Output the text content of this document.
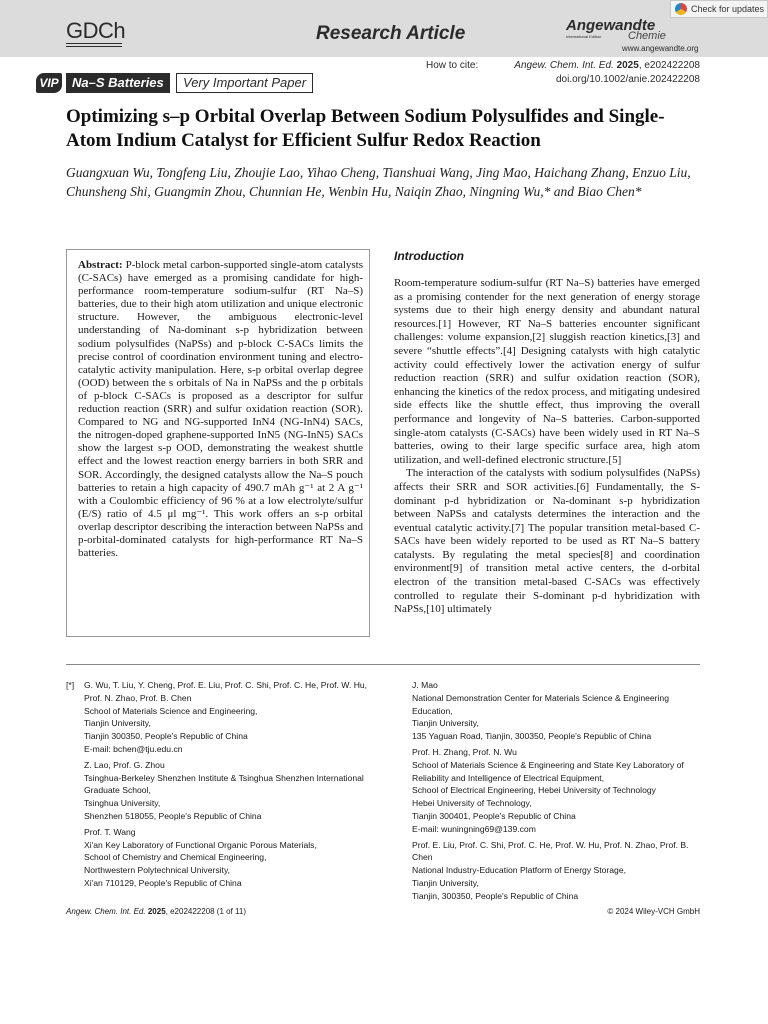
GDCh	Research Article	Angewandte
International Edition Chemie
www.angewandte.org
Check for updates
VIP	Na–S Batteries	Very Important Paper
How to cite:	Angew. Chem. Int. Ed. 2025, e202422208
doi.org/10.1002/anie.202422208
Optimizing s–p Orbital Overlap Between Sodium Polysulfides and Single-Atom Indium Catalyst for Efficient Sulfur Redox Reaction
Guangxuan Wu, Tongfeng Liu, Zhoujie Lao, Yihao Cheng, Tianshuai Wang, Jing Mao, Haichang Zhang, Enzuo Liu, Chunsheng Shi, Guangmin Zhou, Chunnian He, Wenbin Hu, Naiqin Zhao, Ningning Wu,* and Biao Chen*
Abstract: P-block metal carbon-supported single-atom catalysts (C-SACs) have emerged as a promising candidate for high-performance room-temperature sodium-sulfur (RT Na–S) batteries, due to their high atom utilization and unique electronic structure. However, the ambiguous electronic-level understanding of Na-dominant s-p hybridization between sodium polysulfides (NaPSs) and p-block C-SACs limits the precise control of coordination environment tuning and electro-catalytic activity manipulation. Here, s-p orbital overlap degree (OOD) between the s orbitals of Na in NaPSs and the p orbitals of p-block C-SACs is proposed as a descriptor for sulfur reduction reaction (SRR) and sulfur oxidation reaction (SOR). Compared to NG and NG-supported InN4 (NG-InN4) SACs, the nitrogen-doped graphene-supported InN5 (NG-InN5) SACs show the largest s-p OOD, demonstrating the weakest shuttle effect and the lowest reaction energy barriers in both SRR and SOR. Accordingly, the designed catalysts allow the Na–S pouch batteries to retain a high capacity of 490.7 mAh g⁻¹ at 2 A g⁻¹ with a Coulombic efficiency of 96 % at a low electrolyte/sulfur (E/S) ratio of 4.5 μl mg⁻¹. This work offers an s-p orbital overlap descriptor describing the interaction between NaPSs and p-orbital-dominated catalysts for high-performance RT Na–S batteries.
Introduction

Room-temperature sodium-sulfur (RT Na–S) batteries have emerged as a promising contender for the next generation of energy storage systems due to their high energy density and abundant natural resources.[1] However, RT Na–S batteries encounter significant challenges: volume expansion,[2] sluggish reaction kinetics,[3] and severe “shuttle effects”.[4] Designing catalysts with high catalytic activity could effectively lower the activation energy of sulfur reduction reaction (SRR) and sulfur oxidation reaction (SOR), enhancing the kinetics of the redox process, and mitigating undesired side effects like the shuttle effect, thus improving the overall performance and longevity of Na–S batteries. Carbon-supported single-atom catalysts (C-SACs) have been widely used in RT Na–S batteries, owing to their large specific surface area, high atom utilization, and well-defined electronic structure.[5]

The interaction of the catalysts with sodium polysulfides (NaPSs) affects their SRR and SOR activities.[6] Fundamentally, the S-dominant p-d hybridization or Na-dominant s-p hybridization between NaPSs and catalysts determines the interaction and the eventual catalytic activity.[7] The popular transition metal-based C-SACs have been widely reported to be used as RT Na–S battery catalysts. By regulating the metal species[8] and coordination environment[9] of transition metal active centers, the d-orbital electron of the transition metal-based C-SACs was effectively controlled to regulate their S-dominant p-d hybridization with NaPSs,[10] ultimately

[*]	G. Wu, T. Liu, Y. Cheng, Prof. E. Liu, Prof. C. Shi, Prof. C. He, Prof. W. Hu, Prof. N. Zhao, Prof. B. Chen
School of Materials Science and Engineering,
Tianjin University,
Tianjin 300350, People's Republic of China
E-mail: bchen@tju.edu.cn
Z. Lao, Prof. G. Zhou
Tsinghua-Berkeley Shenzhen Institute & Tsinghua Shenzhen International Graduate School,
Tsinghua University,
Shenzhen 518055, People's Republic of China
Prof. T. Wang
Xi'an Key Laboratory of Functional Organic Porous Materials,
School of Chemistry and Chemical Engineering,
Northwestern Polytechnical University,
Xi'an 710129, People's Republic of China
J. Mao
National Demonstration Center for Materials Science & Engineering Education,
Tianjin University,
135 Yaguan Road, Tianjin, 300350, People's Republic of China
Prof. H. Zhang, Prof. N. Wu
School of Materials Science & Engineering and State Key Laboratory of Reliability and Intelligence of Electrical Equipment,
School of Electrical Engineering, Hebei University of Technology
Hebei University of Technology,
Tianjin 300401, People's Republic of China
E-mail: wuningning69@139.com
Prof. E. Liu, Prof. C. Shi, Prof. C. He, Prof. W. Hu, Prof. N. Zhao, Prof. B. Chen
National Industry-Education Platform of Energy Storage,
Tianjin University,
Tianjin, 300350, People's Republic of China
Angew. Chem. Int. Ed. 2025, e202422208 (1 of 11)	© 2024 Wiley-VCH GmbH
